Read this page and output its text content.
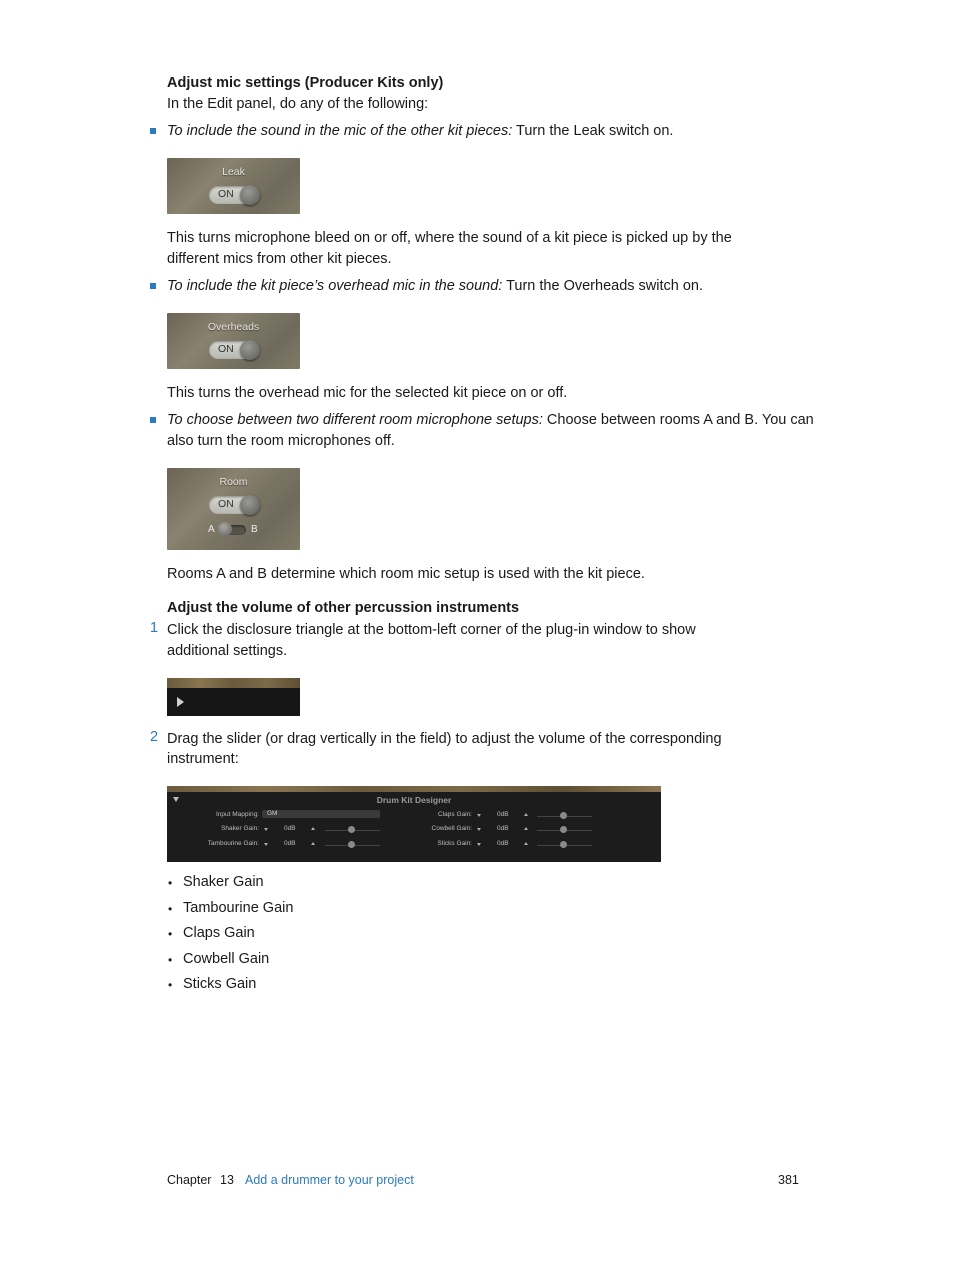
Adjust mic settings (Producer Kits only)
In the Edit panel, do any of the following:
To include the sound in the mic of the other kit pieces: Turn the Leak switch on.
Leak
ON
This turns microphone bleed on or off, where the sound of a kit piece is picked up by the
different mics from other kit pieces.
To include the kit piece’s overhead mic in the sound: Turn the Overheads switch on.
Overheads
ON
This turns the overhead mic for the selected kit piece on or off.
To choose between two different room microphone setups: Choose between rooms A and B. You can
also turn the room microphones off.
Room
ON
A	B
Rooms A and B determine which room mic setup is used with the kit piece.
Adjust the volume of other percussion instruments
1 Click the disclosure triangle at the bottom-left corner of the plug-in window to show
additional settings.
2 Drag the slider (or drag vertically in the field) to adjust the volume of the corresponding
instrument:
Drum Kit Designer
Input Mapping: GM
Shaker Gain:	0dB
Tambourine Gain:	0dB
Claps Gain:	0dB
Cowbell Gain:	0dB
Sticks Gain:	0dB
• Shaker Gain
• Tambourine Gain
• Claps Gain
• Cowbell Gain
• Sticks Gain
Chapter 13 Add a drummer to your project	381
